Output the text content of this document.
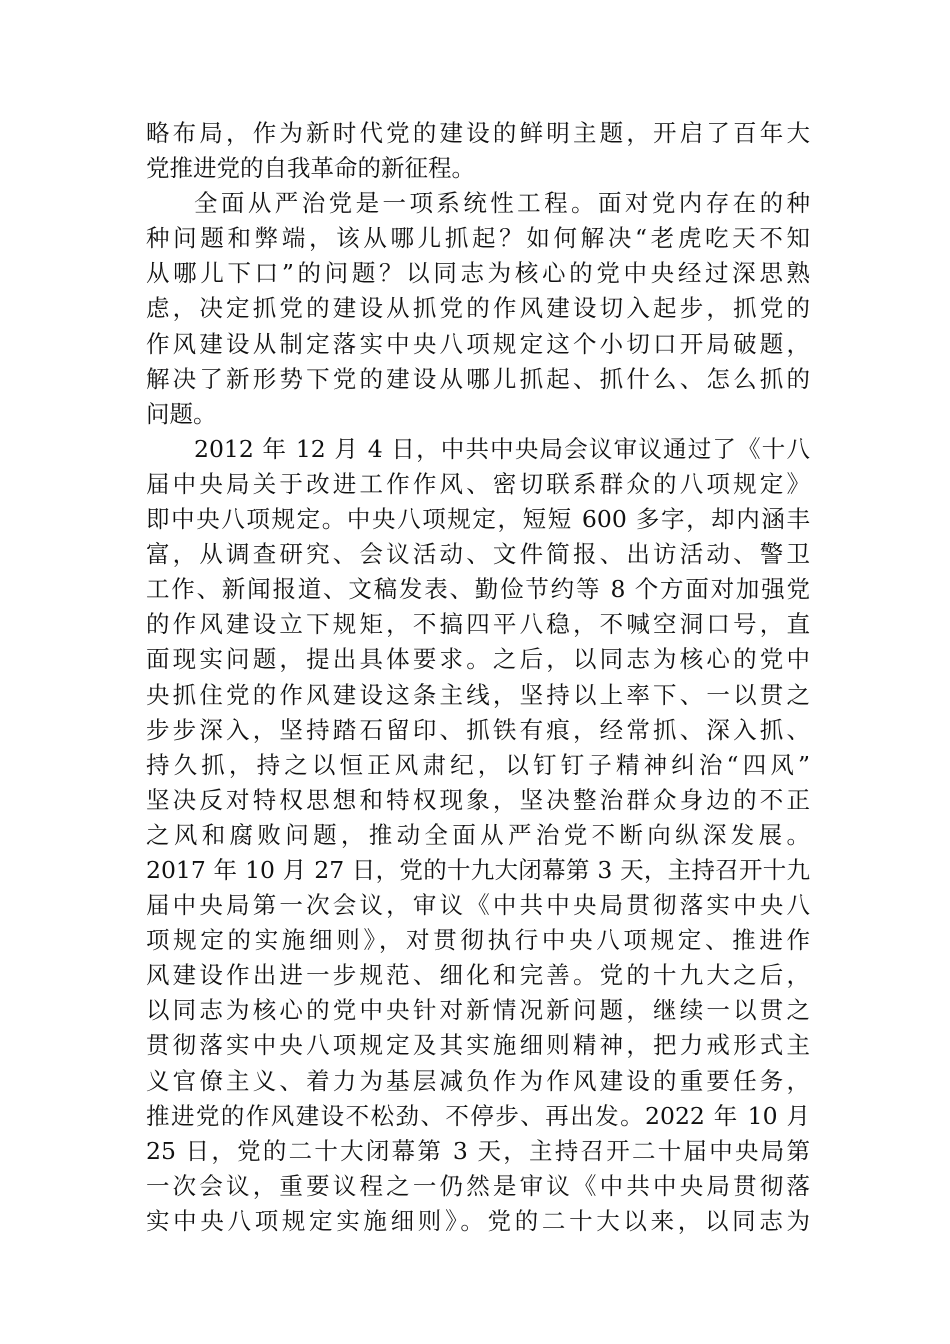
略布局，作为新时代党的建设的鲜明主题，开启了百年大
党推进党的自我革命的新征程。
全面从严治党是一项系统性工程。面对党内存在的种
种问题和弊端，该从哪儿抓起？如何解决“老虎吃天不知
从哪儿下口”的问题？以同志为核心的党中央经过深思熟
虑，决定抓党的建设从抓党的作风建设切入起步，抓党的
作风建设从制定落实中央八项规定这个小切口开局破题，
解决了新形势下党的建设从哪儿抓起、抓什么、怎么抓的
问题。
2012 年 12 月 4 日，中共中央局会议审议通过了《十八
届中央局关于改进工作作风、密切联系群众的八项规定》
即中央八项规定。中央八项规定，短短 600 多字，却内涵丰
富，从调查研究、会议活动、文件简报、出访活动、警卫
工作、新闻报道、文稿发表、勤俭节约等 8 个方面对加强党
的作风建设立下规矩，不搞四平八稳，不喊空洞口号，直
面现实问题，提出具体要求。之后，以同志为核心的党中
央抓住党的作风建设这条主线，坚持以上率下、一以贯之
步步深入，坚持踏石留印、抓铁有痕，经常抓、深入抓、
持久抓，持之以恒正风肃纪，以钉钉子精神纠治“四风”
坚决反对特权思想和特权现象，坚决整治群众身边的不正
之风和腐败问题，推动全面从严治党不断向纵深发展。
2017 年 10 月 27 日，党的十九大闭幕第 3 天，主持召开十九
届中央局第一次会议，审议《中共中央局贯彻落实中央八
项规定的实施细则》，对贯彻执行中央八项规定、推进作
风建设作出进一步规范、细化和完善。党的十九大之后，
以同志为核心的党中央针对新情况新问题，继续一以贯之
贯彻落实中央八项规定及其实施细则精神，把力戒形式主
义官僚主义、着力为基层减负作为作风建设的重要任务，
推进党的作风建设不松劲、不停步、再出发。2022 年 10 月
25 日，党的二十大闭幕第 3 天，主持召开二十届中央局第
一次会议，重要议程之一仍然是审议《中共中央局贯彻落
实中央八项规定实施细则》。党的二十大以来，以同志为
